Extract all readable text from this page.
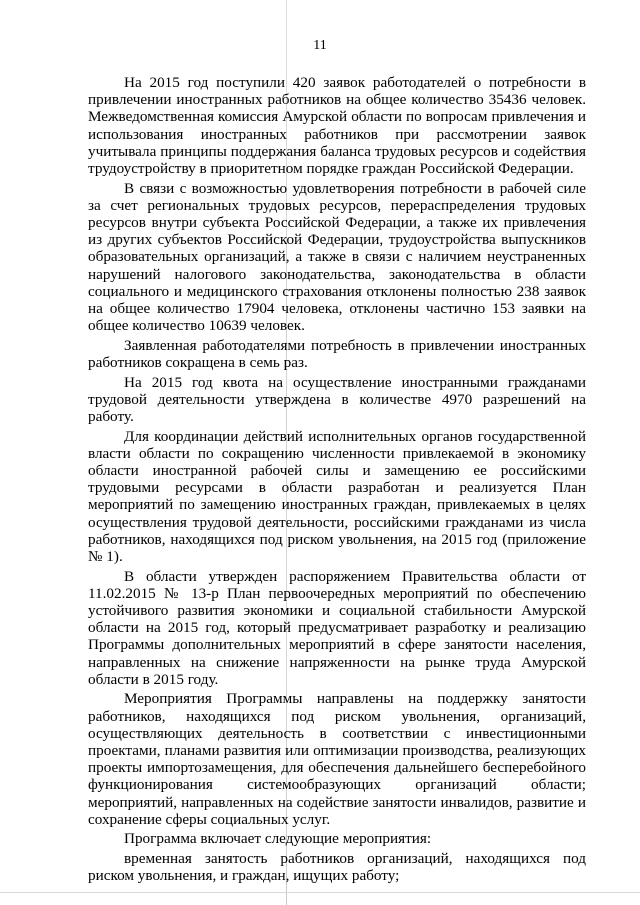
11

На 2015 год поступили 420 заявок работодателей о потребности в привлечении иностранных работников на общее количество 35436 человек. Межведомственная комиссия Амурской области по вопросам привлечения и использования иностранных работников при рассмотрении заявок учитывала принципы поддержания баланса трудовых ресурсов и содействия трудоустройству в приоритетном порядке граждан Российской Федерации.

В связи с возможностью удовлетворения потребности в рабочей силе за счет региональных трудовых ресурсов, перераспределения трудовых ресурсов внутри субъекта Российской Федерации, а также их привлечения из других субъектов Российской Федерации, трудоустройства выпускников образовательных организаций, а также в связи с наличием неустраненных нарушений налогового законодательства, законодательства в области социального и медицинского страхования отклонены полностью 238 заявок на общее количество 17904 человека, отклонены частично 153 заявки на общее количество 10639 человек.

Заявленная работодателями потребность в привлечении иностранных работников сокращена в семь раз.

На 2015 год квота на осуществление иностранными гражданами трудовой деятельности утверждена в количестве 4970 разрешений на работу.

Для координации действий исполнительных органов государственной власти области по сокращению численности привлекаемой в экономику области иностранной рабочей силы и замещению ее российскими трудовыми ресурсами в области разработан и реализуется План мероприятий по замещению иностранных граждан, привлекаемых в целях осуществления трудовой деятельности, российскими гражданами из числа работников, находящихся под риском увольнения, на 2015 год (приложение № 1).

В области утвержден распоряжением Правительства области от 11.02.2015 № 13-р План первоочередных мероприятий по обеспечению устойчивого развития экономики и социальной стабильности Амурской области на 2015 год, который предусматривает разработку и реализацию Программы дополнительных мероприятий в сфере занятости населения, направленных на снижение напряженности на рынке труда Амурской области в 2015 году.

Мероприятия Программы направлены на поддержку занятости работников, находящихся под риском увольнения, организаций, осуществляющих деятельность в соответствии с инвестиционными проектами, планами развития или оптимизации производства, реализующих проекты импортозамещения, для обеспечения дальнейшего бесперебойного функционирования системообразующих организаций области; мероприятий, направленных на содействие занятости инвалидов, развитие и сохранение сферы социальных услуг.

Программа включает следующие мероприятия:

временная занятость работников организаций, находящихся под риском увольнения, и граждан, ищущих работу;
